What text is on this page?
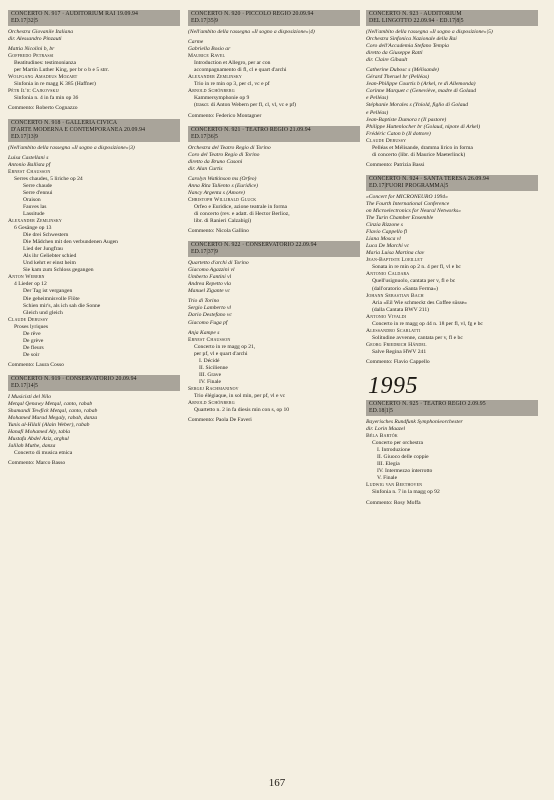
CONCERTO N. 917 · AUDITORIUM RAI 19.09.94
ED.17|32|5
Orchestra Giovanile Italiana
dir. Alessandro Pinzauti
Mattia Nicolini b, br
Goffredo Petrassi
Beatitudines: testimonianza
per Martin Luther King, per br o b e 5 strr.
Wolfgang Amadeus Mozart
Sinfonia in re magg K 385 (Haffner)
Pëtr Il'ic Cajkovskij
Sinfonia n. 4 in fa min op 36
Commento: Roberto Cognazzo
CONCERTO N. 918 · GALLERIA CIVICA
D'ARTE MODERNA E CONTEMPORANEA 20.09.94
ED.17|13|9
(Nell'ambito della rassegna «Il sogno a disposizione»|3)
Luisa Castellani s
Antonio Ballista pf
Ernest Chausson
Serres chaudes, 5 liriche op 24
Serre chaude
Serre d'ennui
Oraison
Fauves las
Lassitude
Alexander Zemlinsky
6 Gesänge op 13
Die drei Schwestern
Die Mädchen mit den verbundenen Augen
Lied der Jungfrau
Als ihr Geliebter schied
Und kehrt er einst heim
Sie kam zum Schloss gegangen
Anton Webern
4 Lieder op 12
Der Tag ist vergangen
Die geheimnisvolle Flöte
Schien mir's, als ich sah die Sonne
Gleich und gleich
Claude Debussy
Proses lyriques
De rêve
De grève
De fleurs
De soir
Commento: Laura Cosso
CONCERTO N. 919 · CONSERVATORIO 20.09.94
ED.17|14|5
I Musicisti del Nilo
Metqal Qenawy Metqal, canto, rabab
Shamandi Tewfick Metqal, canto, rabab
Mohamed Murad Megaly, rabab, danza
Yunis al-Hilali (Alain Weber), rabab
Hanafi Mohamed Aly, tabla
Mustafa Abdel Aziz, arghul
Jalilah Muthe, danza
Concerto di musica etnica
Commento: Marco Basso
CONCERTO N. 920 · PICCOLO REGIO 20.09.94
ED.17|35|9
(Nell'ambito della rassegna «Il sogno a disposizione»|4)
Carme
Gabriella Bosio ar
Maurice Ravel
Introduction et Allegro, per ar con
accompagnamento di fl, cl e quart d'archi
Alexander Zemlinsky
Trio in re min op 3, per cl, vc e pf
Arnold Schönberg
Kammersymphonie op 9
(trascr. di Anton Webern per fl, cl, vl, vc e pf)
Commento: Federico Montagner
CONCERTO N. 921 · TEATRO REGIO 21.09.94
ED.17|36|5
Orchestra del Teatro Regio di Torino
Coro del Teatro Regio di Torino
diretto da Bruno Casoni
dir. Alan Curtis
Carolyn Watkinson ms (Orfeo)
Anna Rita Taliento s (Euridice)
Nancy Argenta s (Amore)
Christoph Willibald Gluck
Orfeo e Euridice, azione teatrale in forma
di concerto (rev. e adatt. di Hector Berlioz,
libr. di Ranieri Calzabigi)
Commento: Nicola Gallino
CONCERTO N. 922 · CONSERVATORIO 22.09.94
ED.17|37|9
Quartetto d'archi di Torino
Giacomo Agazzini vl
Umberto Fantini vl
Andrea Repetto vla
Manuel Zigante vc
Trio di Torino
Sergio Lamberto vl
Dario Destefano vc
Giacomo Fuga pf
Anja Kampe s
Ernest Chausson
Concerto in re magg op 21,
per pf, vl e quart d'archi
I. Décidé
II. Sicilienne
III. Grave
IV. Finale
Sergej Rachmaninov
Trio élégiaque, in sol min, per pf, vl e vc
Arnold Schönberg
Quartetto n. 2 in fa diesis min con s, op 10
Commento: Paola De Faveri
CONCERTO N. 923 · AUDITORIUM
DEL LINGOTTO 22.09.94 · ED.17|8|5
(Nell'ambito della rassegna «Il sogno a disposizione»|5)
Orchestra Sinfonica Nazionale della Rai
Coro dell'Accademia Stefano Tempia
diretto da Giuseppe Ratti
dir. Claire Gibault
Catherine Dubosc s (Mélisande)
Gérard Theruel br (Pelléas)
Jean-Philippe Courtis b (Arkel, re di Allemonda)
Corinne Marquet c (Geneviève, madre di Golaud
e Pelléas)
Stéphanie Morales s (Yniold, figlio di Golaud
e Pelléas)
Jean-Baptiste Dumora t (Il pastore)
Philippe Huttenlocher br (Golaud, nipote di Arkel)
Frédéric Caton b (Il dottore)
Claude Debussy
Pelléas et Mélisande, dramma lirico in forma
di concerto (libr. di Maurice Maeterlinck)
Commento: Patrizia Bassi
CONCERTO N. 924 · SANTA TERESA 26.09.94
ED.17|FUORI PROGRAMMA|5
«Concert for MICRONEURO 1994»
The Fourth International Conference
on Microelectronics for Neural Networks»
The Turin Chamber Ensemble
Cinzia Rizzone s
Flavio Cappello fl
Liana Mosca vl
Luca De Marchi vc
Maria Luisa Martina clav
Jean-Baptiste Loeillet
Sonata in re min op 2 n. 4 per fl, vl e bc
Antonio Caldara
Quell'usignuolo, cantata per v, fl e bc
(dall'oratorio «Santa Ferma»)
Johann Sebastian Bach
Aria «Eil Wie schmeckt des Coffee süsse»
(dalla Cantata BWV 211)
Antonio Vivaldi
Concerto in re magg op 44 n. 18 per fl, vl, fg e bc
Alessandro Scarlatti
Solitudine avvenne, cantata per v, fl e bc
Georg Friedrich Händel
Salve Regina HWV 241
Commento: Flavio Cappello
1995
CONCERTO N. 925 · TEATRO REGIO 2.09.95
ED.18|1|5
Bayerisches Rundfunk Symphonieorchester
dir. Lorin Maazel
Béla Bartók
Concerto per orchestra
I. Introduzione
II. Giuoco delle coppie
III. Elegia
IV. Intermezzo interrotto
V. Finale
Ludwig van Beethoven
Sinfonia n. 7 in la magg op 92
Commento: Rosy Moffa
167
